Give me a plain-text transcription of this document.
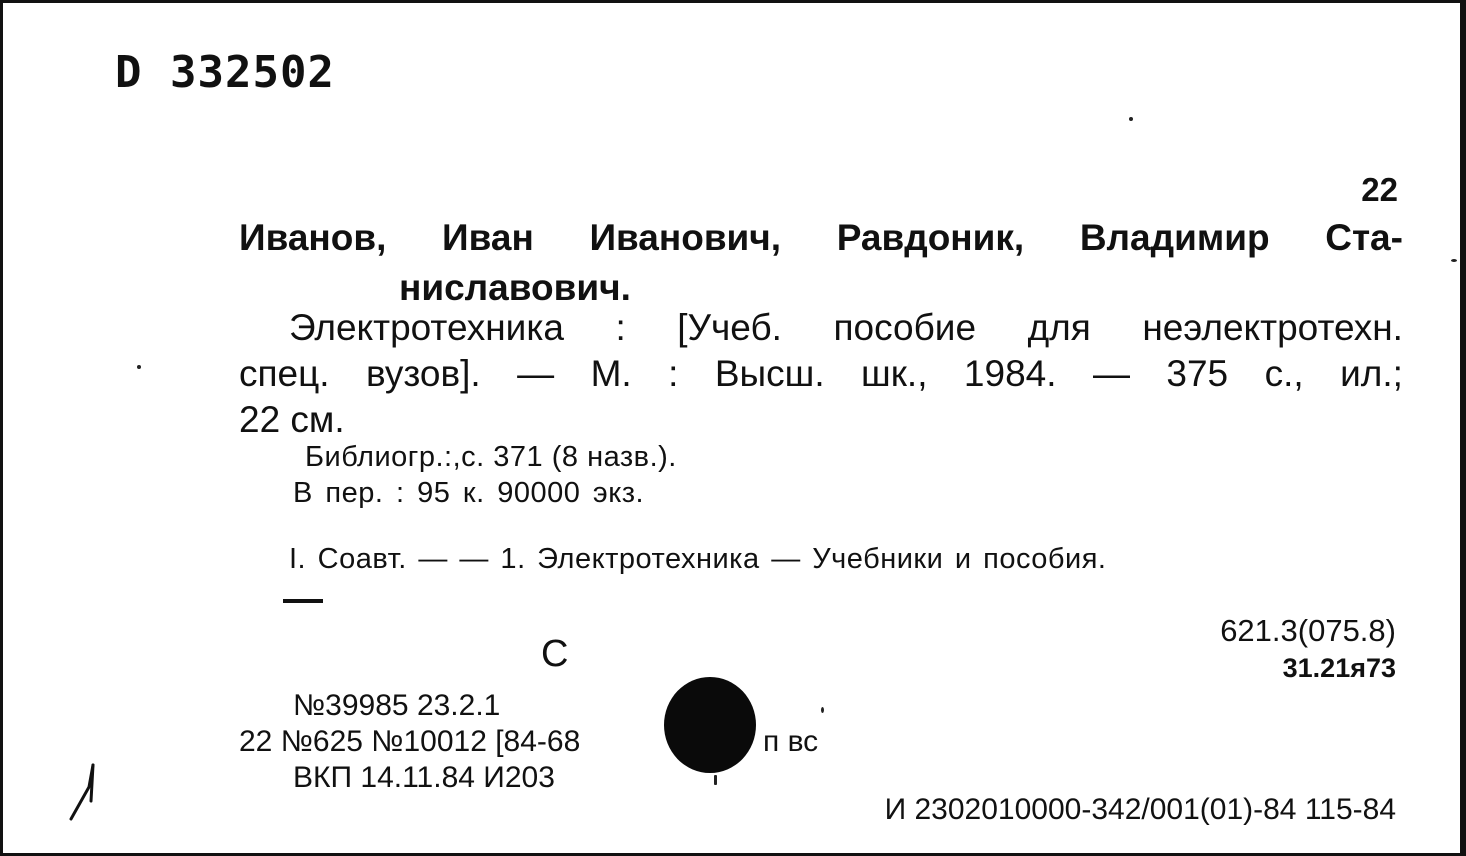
D 332502
22
Иванов, Иван Иванович, Равдоник, Владимир Ста-
ниславович.
Электротехника : [Учеб. пособие для неэлектротехн.
спец. вузов]. — М. : Высш. шк., 1984. — 375 с., ил.;
22 см.
Библиогр.:,с. 371 (8 назв.).
В пер. : 95 к. 90000 экз.
I. Соавт. — — 1. Электротехника — Учебники и пособия.
С
621.3(075.8)
31.21я73
№39985 23.2.1
22 №625 №10012 [84-68	п вс
ВКП 14.11.84 И203
И 2302010000-342/001(01)-84 115-84
